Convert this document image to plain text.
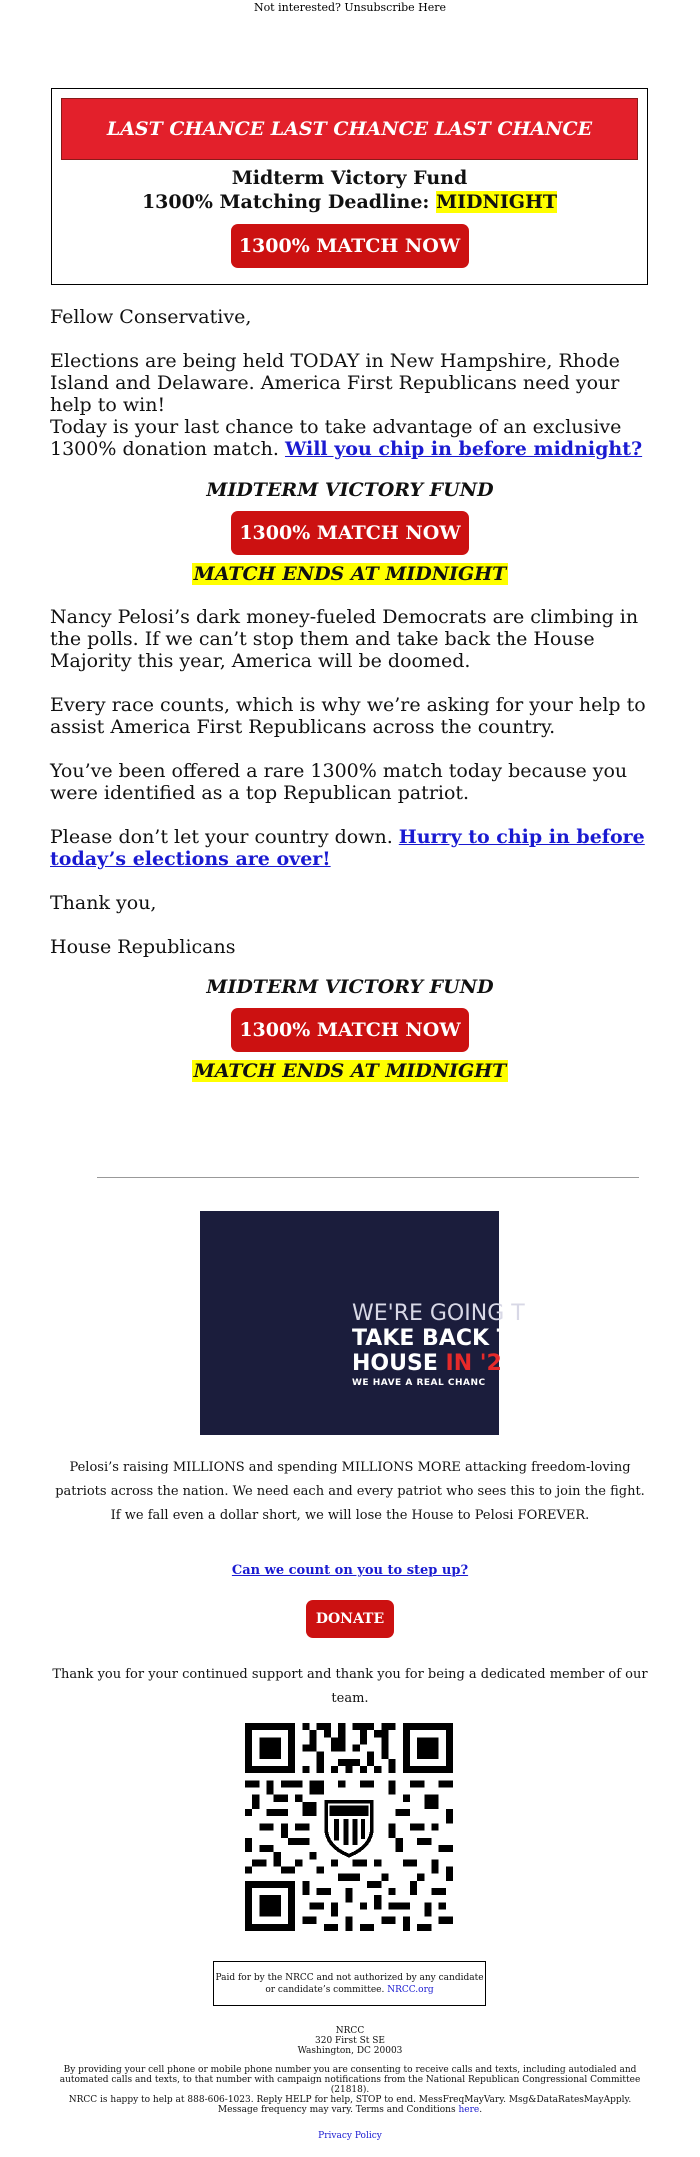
Not interested? Unsubscribe Here
LAST CHANCE LAST CHANCE LAST CHANCE
Midterm Victory Fund
1300% Matching Deadline: MIDNIGHT
1300% MATCH NOW
Fellow Conservative,
Elections are being held TODAY in New Hampshire, Rhode Island and Delaware. America First Republicans need your help to win!
Today is your last chance to take advantage of an exclusive 1300% donation match. Will you chip in before midnight?
MIDTERM VICTORY FUND
1300% MATCH NOW
MATCH ENDS AT MIDNIGHT
Nancy Pelosi’s dark money-fueled Democrats are climbing in the polls. If we can’t stop them and take back the House Majority this year, America will be doomed.
Every race counts, which is why we’re asking for your help to assist America First Republicans across the country.
You’ve been offered a rare 1300% match today because you were identified as a top Republican patriot.
Please don’t let your country down. Hurry to chip in before today’s elections are over!
Thank you,
House Republicans
MIDTERM VICTORY FUND
1300% MATCH NOW
MATCH ENDS AT MIDNIGHT
WE'RE GOING T
TAKE BACK TH
HOUSE IN '2
WE HAVE A REAL CHANC
Pelosi’s raising MILLIONS and spending MILLIONS MORE attacking freedom-loving patriots across the nation. We need each and every patriot who sees this to join the fight. If we fall even a dollar short, we will lose the House to Pelosi FOREVER.
Can we count on you to step up?
DONATE
Thank you for your continued support and thank you for being a dedicated member of our team.
Paid for by the NRCC and not authorized by any candidate or candidate’s committee. NRCC.org
NRCC
320 First St SE
Washington, DC 20003
By providing your cell phone or mobile phone number you are consenting to receive calls and texts, including autodialed and automated calls and texts, to that number with campaign notifications from the National Republican Congressional Committee (21818).
NRCC is happy to help at 888-606-1023. Reply HELP for help, STOP to end. MessFreqMayVary. Msg&DataRatesMayApply. Message frequency may vary. Terms and Conditions here.
Privacy Policy
